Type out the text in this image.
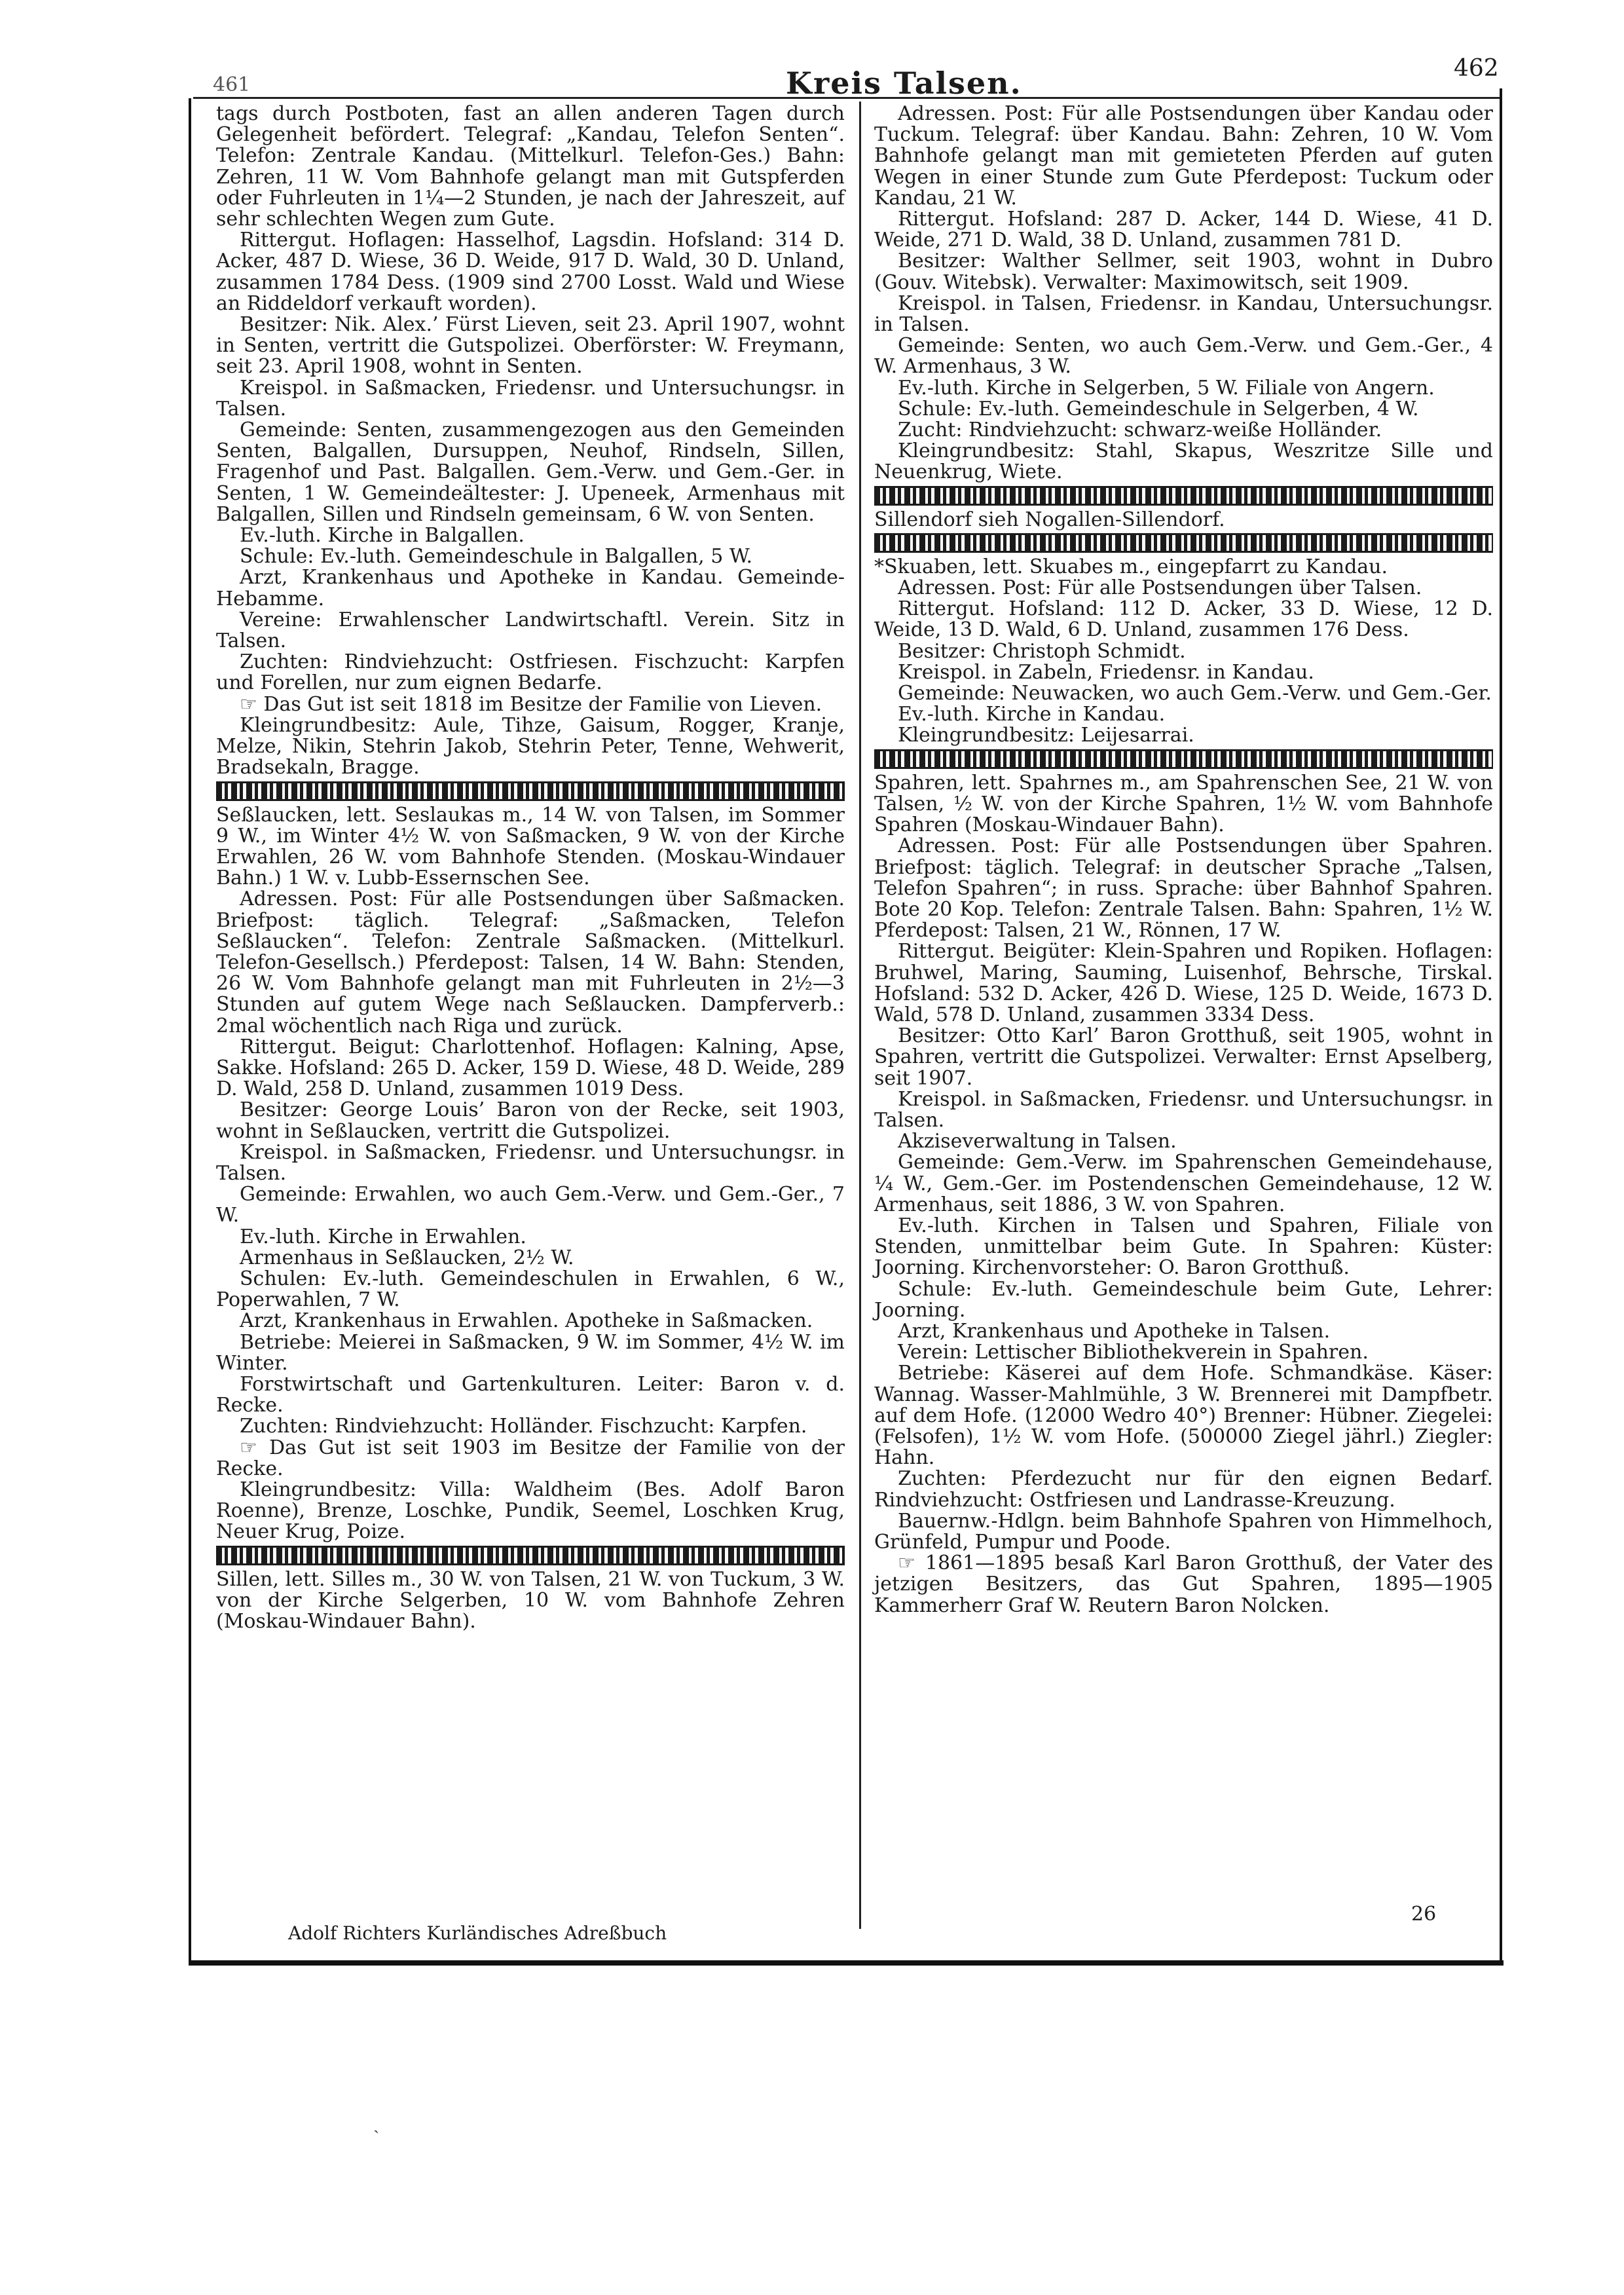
461	Kreis Talsen.	462

tags durch Postboten, fast an allen anderen Tagen durch Gelegenheit befördert. Telegraf: „Kandau, Telefon Senten“. Telefon: Zentrale Kandau. (Mittelkurl. Telefon-Ges.) Bahn: Zehren, 11 W. Vom Bahnhofe gelangt man mit Gutspferden oder Fuhrleuten in 1¼—2 Stunden, je nach der Jahreszeit, auf sehr schlechten Wegen zum Gute.

Rittergut. Hoflagen: Hasselhof, Lagsdin. Hofsland: 314 D. Acker, 487 D. Wiese, 36 D. Weide, 917 D. Wald, 30 D. Unland, zusammen 1784 Dess. (1909 sind 2700 Losst. Wald und Wiese an Riddeldorf verkauft worden).

Besitzer: Nik. Alex.’ Fürst Lieven, seit 23. April 1907, wohnt in Senten, vertritt die Gutspolizei. Oberförster: W. Freymann, seit 23. April 1908, wohnt in Senten.

Kreispol. in Saßmacken, Friedensr. und Untersuchungsr. in Talsen.

Gemeinde: Senten, zusammengezogen aus den Gemeinden Senten, Balgallen, Dursuppen, Neuhof, Rindseln, Sillen, Fragenhof und Past. Balgallen. Gem.-Verw. und Gem.-Ger. in Senten, 1 W. Gemeindeältester: J. Upeneek, Armenhaus mit Balgallen, Sillen und Rindseln gemeinsam, 6 W. von Senten.

Ev.-luth. Kirche in Balgallen.

Schule: Ev.-luth. Gemeindeschule in Balgallen, 5 W.

Arzt, Krankenhaus und Apotheke in Kandau. Gemeinde-Hebamme.

Vereine: Erwahlenscher Landwirtschaftl. Verein. Sitz in Talsen.

Zuchten: Rindviehzucht: Ostfriesen. Fischzucht: Karpfen und Forellen, nur zum eignen Bedarfe.

☞ Das Gut ist seit 1818 im Besitze der Familie von Lieven.

Kleingrundbesitz: Aule, Tihze, Gaisum, Rogger, Kranje, Melze, Nikin, Stehrin Jakob, Stehrin Peter, Tenne, Wehwerit, Bradsekaln, Bragge.

Seßlaucken, lett. Seslaukas m., 14 W. von Talsen, im Sommer 9 W., im Winter 4½ W. von Saßmacken, 9 W. von der Kirche Erwahlen, 26 W. vom Bahnhofe Stenden. (Moskau-Windauer Bahn.) 1 W. v. Lubb-Essernschen See.

Adressen. Post: Für alle Postsendungen über Saßmacken. Briefpost: täglich. Telegraf: „Saßmacken, Telefon Seßlaucken“. Telefon: Zentrale Saßmacken. (Mittelkurl. Telefon-Gesellsch.) Pferdepost: Talsen, 14 W. Bahn: Stenden, 26 W. Vom Bahnhofe gelangt man mit Fuhrleuten in 2½—3 Stunden auf gutem Wege nach Seßlaucken. Dampferverb.: 2mal wöchentlich nach Riga und zurück.

Rittergut. Beigut: Charlottenhof. Hoflagen: Kalning, Apse, Sakke. Hofsland: 265 D. Acker, 159 D. Wiese, 48 D. Weide, 289 D. Wald, 258 D. Unland, zusammen 1019 Dess.

Besitzer: George Louis’ Baron von der Recke, seit 1903, wohnt in Seßlaucken, vertritt die Gutspolizei.

Kreispol. in Saßmacken, Friedensr. und Untersuchungsr. in Talsen.

Gemeinde: Erwahlen, wo auch Gem.-Verw. und Gem.-Ger., 7 W.

Ev.-luth. Kirche in Erwahlen.

Armenhaus in Seßlaucken, 2½ W.

Schulen: Ev.-luth. Gemeindeschulen in Erwahlen, 6 W., Poperwahlen, 7 W.

Arzt, Krankenhaus in Erwahlen. Apotheke in Saßmacken.

Betriebe: Meierei in Saßmacken, 9 W. im Sommer, 4½ W. im Winter.

Forstwirtschaft und Gartenkulturen. Leiter: Baron v. d. Recke.

Zuchten: Rindviehzucht: Holländer. Fischzucht: Karpfen.

☞ Das Gut ist seit 1903 im Besitze der Familie von der Recke.

Kleingrundbesitz: Villa: Waldheim (Bes. Adolf Baron Roenne), Brenze, Loschke, Pundik, Seemel, Loschken Krug, Neuer Krug, Poize.

Sillen, lett. Silles m., 30 W. von Talsen, 21 W. von Tuckum, 3 W. von der Kirche Selgerben, 10 W. vom Bahnhofe Zehren (Moskau-Windauer Bahn).

Adressen. Post: Für alle Postsendungen über Kandau oder Tuckum. Telegraf: über Kandau. Bahn: Zehren, 10 W. Vom Bahnhofe gelangt man mit gemieteten Pferden auf guten Wegen in einer Stunde zum Gute Pferdepost: Tuckum oder Kandau, 21 W.

Rittergut. Hofsland: 287 D. Acker, 144 D. Wiese, 41 D. Weide, 271 D. Wald, 38 D. Unland, zusammen 781 D.

Besitzer: Walther Sellmer, seit 1903, wohnt in Dubro (Gouv. Witebsk). Verwalter: Maximowitsch, seit 1909.

Kreispol. in Talsen, Friedensr. in Kandau, Untersuchungsr. in Talsen.

Gemeinde: Senten, wo auch Gem.-Verw. und Gem.-Ger., 4 W. Armenhaus, 3 W.

Ev.-luth. Kirche in Selgerben, 5 W. Filiale von Angern.

Schule: Ev.-luth. Gemeindeschule in Selgerben, 4 W.

Zucht: Rindviehzucht: schwarz-weiße Holländer.

Kleingrundbesitz: Stahl, Skapus, Weszritze Sille und Neuenkrug, Wiete.

Sillendorf sieh Nogallen-Sillendorf.

*Skuaben, lett. Skuabes m., eingepfarrt zu Kandau.

Adressen. Post: Für alle Postsendungen über Talsen.

Rittergut. Hofsland: 112 D. Acker, 33 D. Wiese, 12 D. Weide, 13 D. Wald, 6 D. Unland, zusammen 176 Dess.

Besitzer: Christoph Schmidt.

Kreispol. in Zabeln, Friedensr. in Kandau.

Gemeinde: Neuwacken, wo auch Gem.-Verw. und Gem.-Ger.

Ev.-luth. Kirche in Kandau.

Kleingrundbesitz: Leijesarrai.

Spahren, lett. Spahrnes m., am Spahrenschen See, 21 W. von Talsen, ½ W. von der Kirche Spahren, 1½ W. vom Bahnhofe Spahren (Moskau-Windauer Bahn).

Adressen. Post: Für alle Postsendungen über Spahren. Briefpost: täglich. Telegraf: in deutscher Sprache „Talsen, Telefon Spahren“; in russ. Sprache: über Bahnhof Spahren. Bote 20 Kop. Telefon: Zentrale Talsen. Bahn: Spahren, 1½ W. Pferdepost: Talsen, 21 W., Rönnen, 17 W.

Rittergut. Beigüter: Klein-Spahren und Ropiken. Hoflagen: Bruhwel, Maring, Sauming, Luisenhof, Behrsche, Tirskal. Hofsland: 532 D. Acker, 426 D. Wiese, 125 D. Weide, 1673 D. Wald, 578 D. Unland, zusammen 3334 Dess.

Besitzer: Otto Karl’ Baron Grotthuß, seit 1905, wohnt in Spahren, vertritt die Gutspolizei. Verwalter: Ernst Apselberg, seit 1907.

Kreispol. in Saßmacken, Friedensr. und Untersuchungsr. in Talsen.

Akziseverwaltung in Talsen.

Gemeinde: Gem.-Verw. im Spahrenschen Gemeindehause, ¼ W., Gem.-Ger. im Postendenschen Gemeindehause, 12 W. Armenhaus, seit 1886, 3 W. von Spahren.

Ev.-luth. Kirchen in Talsen und Spahren, Filiale von Stenden, unmittelbar beim Gute. In Spahren: Küster: Joorning. Kirchenvorsteher: O. Baron Grotthuß.

Schule: Ev.-luth. Gemeindeschule beim Gute, Lehrer: Joorning.

Arzt, Krankenhaus und Apotheke in Talsen.

Verein: Lettischer Bibliothekverein in Spahren.

Betriebe: Käserei auf dem Hofe. Schmandkäse. Käser: Wannag. Wasser-Mahlmühle, 3 W. Brennerei mit Dampfbetr. auf dem Hofe. (12000 Wedro 40°) Brenner: Hübner. Ziegelei: (Felsofen), 1½ W. vom Hofe. (500000 Ziegel jährl.) Ziegler: Hahn.

Zuchten: Pferdezucht nur für den eignen Bedarf. Rindviehzucht: Ostfriesen und Landrasse-Kreuzung.

Bauernw.-Hdlgn. beim Bahnhofe Spahren von Himmelhoch, Grünfeld, Pumpur und Poode.

☞ 1861—1895 besaß Karl Baron Grotthuß, der Vater des jetzigen Besitzers, das Gut Spahren, 1895—1905 Kammerherr Graf W. Reutern Baron Nolcken.

Adolf Richters Kurländisches Adreßbuch
26
ˎ
